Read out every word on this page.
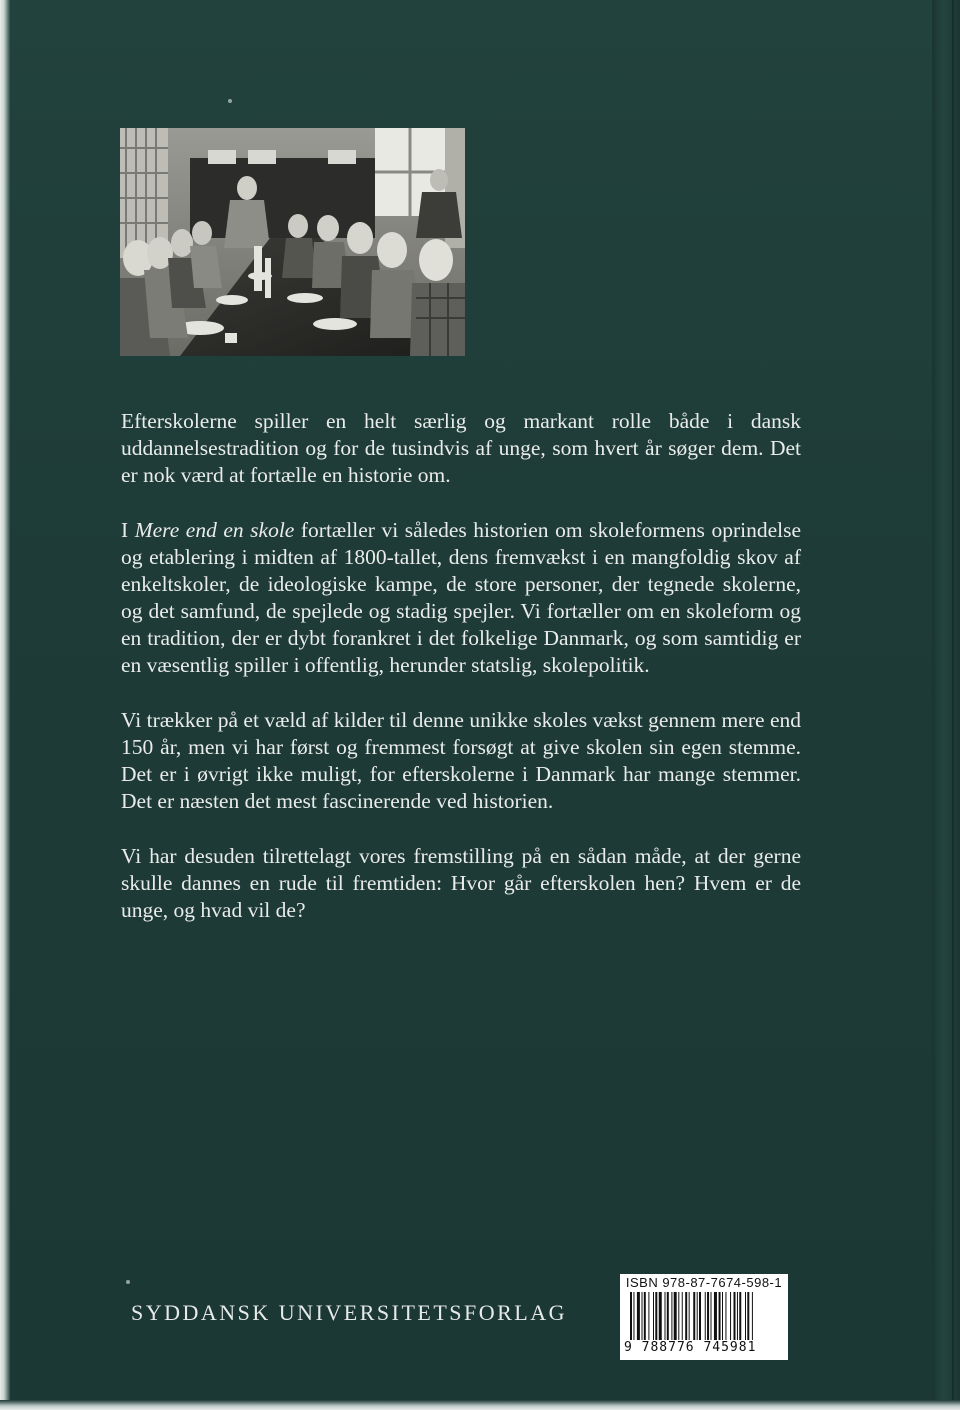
Efterskolerne spiller en helt særlig og markant rolle både i dansk uddannelsestradition og for de tusindvis af unge, som hvert år søger dem. Det er nok værd at fortælle en historie om.

I Mere end en skole fortæller vi således historien om skoleformens oprindelse og etablering i midten af 1800-tallet, dens fremvækst i en mangfoldig skov af enkeltskoler, de ideologiske kampe, de store personer, der tegnede skolerne, og det samfund, de spejlede og stadig spejler. Vi fortæller om en skoleform og en tradition, der er dybt forankret i det folkelige Danmark, og som samtidig er en væsentlig spiller i offentlig, herunder statslig, skolepolitik.

Vi trækker på et væld af kilder til denne unikke skoles vækst gennem mere end 150 år, men vi har først og fremmest forsøgt at give skolen sin egen stemme. Det er i øvrigt ikke muligt, for efterskolerne i Danmark har mange stemmer. Det er næsten det mest fascinerende ved historien.

Vi har desuden tilrettelagt vores fremstilling på en sådan måde, at der gerne skulle dannes en rude til fremtiden: Hvor går efterskolen hen? Hvem er de unge, og hvad vil de?

SYDDANSK UNIVERSITETSFORLAG
ISBN 978-87-7674-598-1
9 788776 745981
